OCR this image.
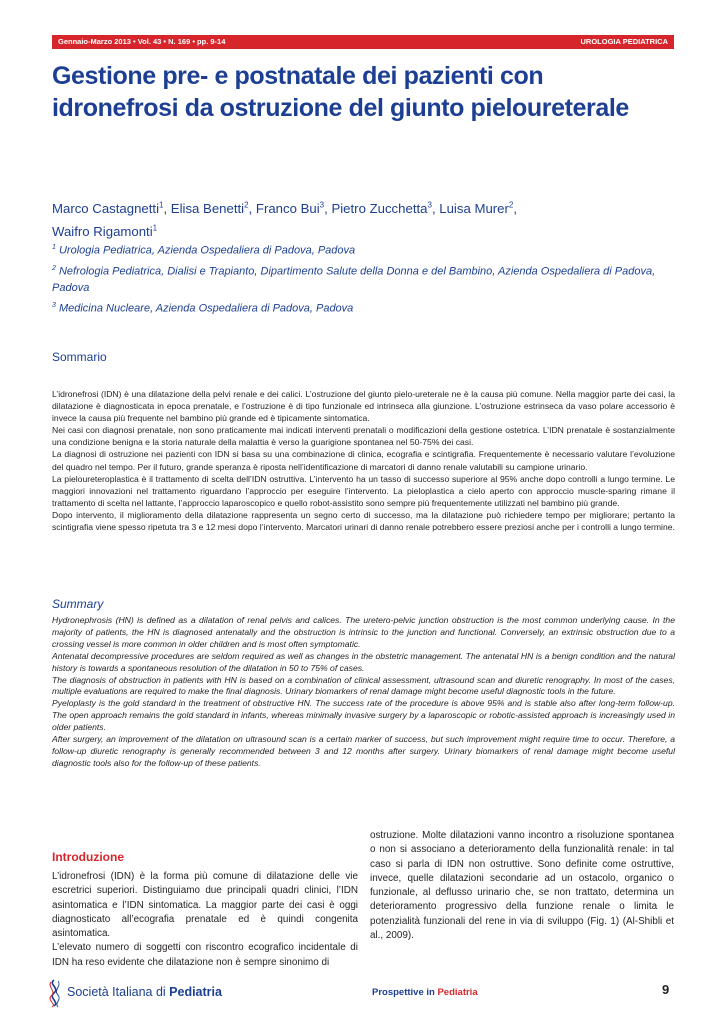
Gennaio-Marzo 2013 • Vol. 43 • N. 169 • pp. 9-14	UROLOGIA PEDIATRICA
Gestione pre- e postnatale dei pazienti con idronefrosi da ostruzione del giunto pieloureterale

Marco Castagnetti$^1$, Elisa Benetti$^2$, Franco Bui$^3$, Pietro Zucchetta$^3$, Luisa Murer$^2$,
Waifro Rigamonti$^1$

$^1$ Urologia Pediatrica, Azienda Ospedaliera di Padova, Padova

$^2$ Nefrologia Pediatrica, Dialisi e Trapianto, Dipartimento Salute della Donna e del Bambino, Azienda Ospedaliera di Padova, Padova

$^3$ Medicina Nucleare, Azienda Ospedaliera di Padova, Padova

Sommario

L’idronefrosi (IDN) è una dilatazione della pelvi renale e dei calici. L’ostruzione del giunto pielo-ureterale ne è la causa più comune. Nella maggior parte dei casi, la dilatazione è diagnosticata in epoca prenatale, e l’ostruzione è di tipo funzionale ed intrinseca alla giunzione. L’ostruzione estrinseca da vaso polare accessorio è invece la causa più frequente nel bambino più grande ed è tipicamente sintomatica.

Nei casi con diagnosi prenatale, non sono praticamente mai indicati interventi prenatali o modificazioni della gestione ostetrica. L’IDN prenatale è sostanzialmente una condizione benigna e la storia naturale della malattia è verso la guarigione spontanea nel 50-75% dei casi.

La diagnosi di ostruzione nei pazienti con IDN si basa su una combinazione di clinica, ecografia e scintigrafia. Frequentemente è necessario valutare l’evoluzione del quadro nel tempo. Per il futuro, grande speranza è riposta nell’identificazione di marcatori di danno renale valutabili su campione urinario.

La pieloureteroplastica è il trattamento di scelta dell’IDN ostruttiva. L’intervento ha un tasso di successo superiore al 95% anche dopo controlli a lungo termine. Le maggiori innovazioni nel trattamento riguardano l’approccio per eseguire l’intervento. La pieloplastica a cielo aperto con approccio muscle-sparing rimane il trattamento di scelta nel lattante, l’approccio laparoscopico e quello robot-assistito sono sempre più frequentemente utilizzati nel bambino più grande.

Dopo intervento, il miglioramento della dilatazione rappresenta un segno certo di successo, ma la dilatazione può richiedere tempo per migliorare; pertanto la scintigrafia viene spesso ripetuta tra 3 e 12 mesi dopo l’intervento. Marcatori urinari di danno renale potrebbero essere preziosi anche per i controlli a lungo termine.

Summary

Hydronephrosis (HN) is defined as a dilatation of renal pelvis and calices. The uretero-pelvic junction obstruction is the most common underlying cause. In the majority of patients, the HN is diagnosed antenatally and the obstruction is intrinsic to the junction and functional. Conversely, an extrinsic obstruction due to a crossing vessel is more common in older children and is most often symptomatic.

Antenatal decompressive procedures are seldom required as well as changes in the obstetric management. The antenatal HN is a benign condition and the natural history is towards a spontaneous resolution of the dilatation in 50 to 75% of cases.

The diagnosis of obstruction in patients with HN is based on a combination of clinical assessment, ultrasound scan and diuretic renography. In most of the cases, multiple evaluations are required to make the final diagnosis. Urinary biomarkers of renal damage might become useful diagnostic tools in the future.

Pyeloplasty is the gold standard in the treatment of obstructive HN. The success rate of the procedure is above 95% and is stable also after long-term follow-up. The open approach remains the gold standard in infants, whereas minimally invasive surgery by a laparoscopic or robotic-assisted approach is increasingly used in older patients.

After surgery, an improvement of the dilatation on ultrasound scan is a certain marker of success, but such improvement might require time to occur. Therefore, a follow-up diuretic renography is generally recommended between 3 and 12 months after surgery. Urinary biomarkers of renal damage might become useful diagnostic tools also for the follow-up of these patients.

Introduzione

L’idronefrosi (IDN) è la forma più comune di dilatazione delle vie escretrici superiori. Distinguiamo due principali quadri clinici, l’IDN asintomatica e l’IDN sintomatica. La maggior parte dei casi è oggi diagnosticato all’ecografia prenatale ed è quindi congenita asintomatica.

L’elevato numero di soggetti con riscontro ecografico incidentale di IDN ha reso evidente che dilatazione non è sempre sinonimo di

ostruzione. Molte dilatazioni vanno incontro a risoluzione spontanea o non si associano a deterioramento della funzionalità renale: in tal caso si parla di IDN non ostruttive. Sono definite come ostruttive, invece, quelle dilatazioni secondarie ad un ostacolo, organico o funzionale, al deflusso urinario che, se non trattato, determina un deterioramento progressivo della funzione renale o limita le potenzialità funzionali del rene in via di sviluppo (Fig. 1) (Al-Shibli et al., 2009).

Società Italiana di Pediatria	Prospettive in Pediatria	9
